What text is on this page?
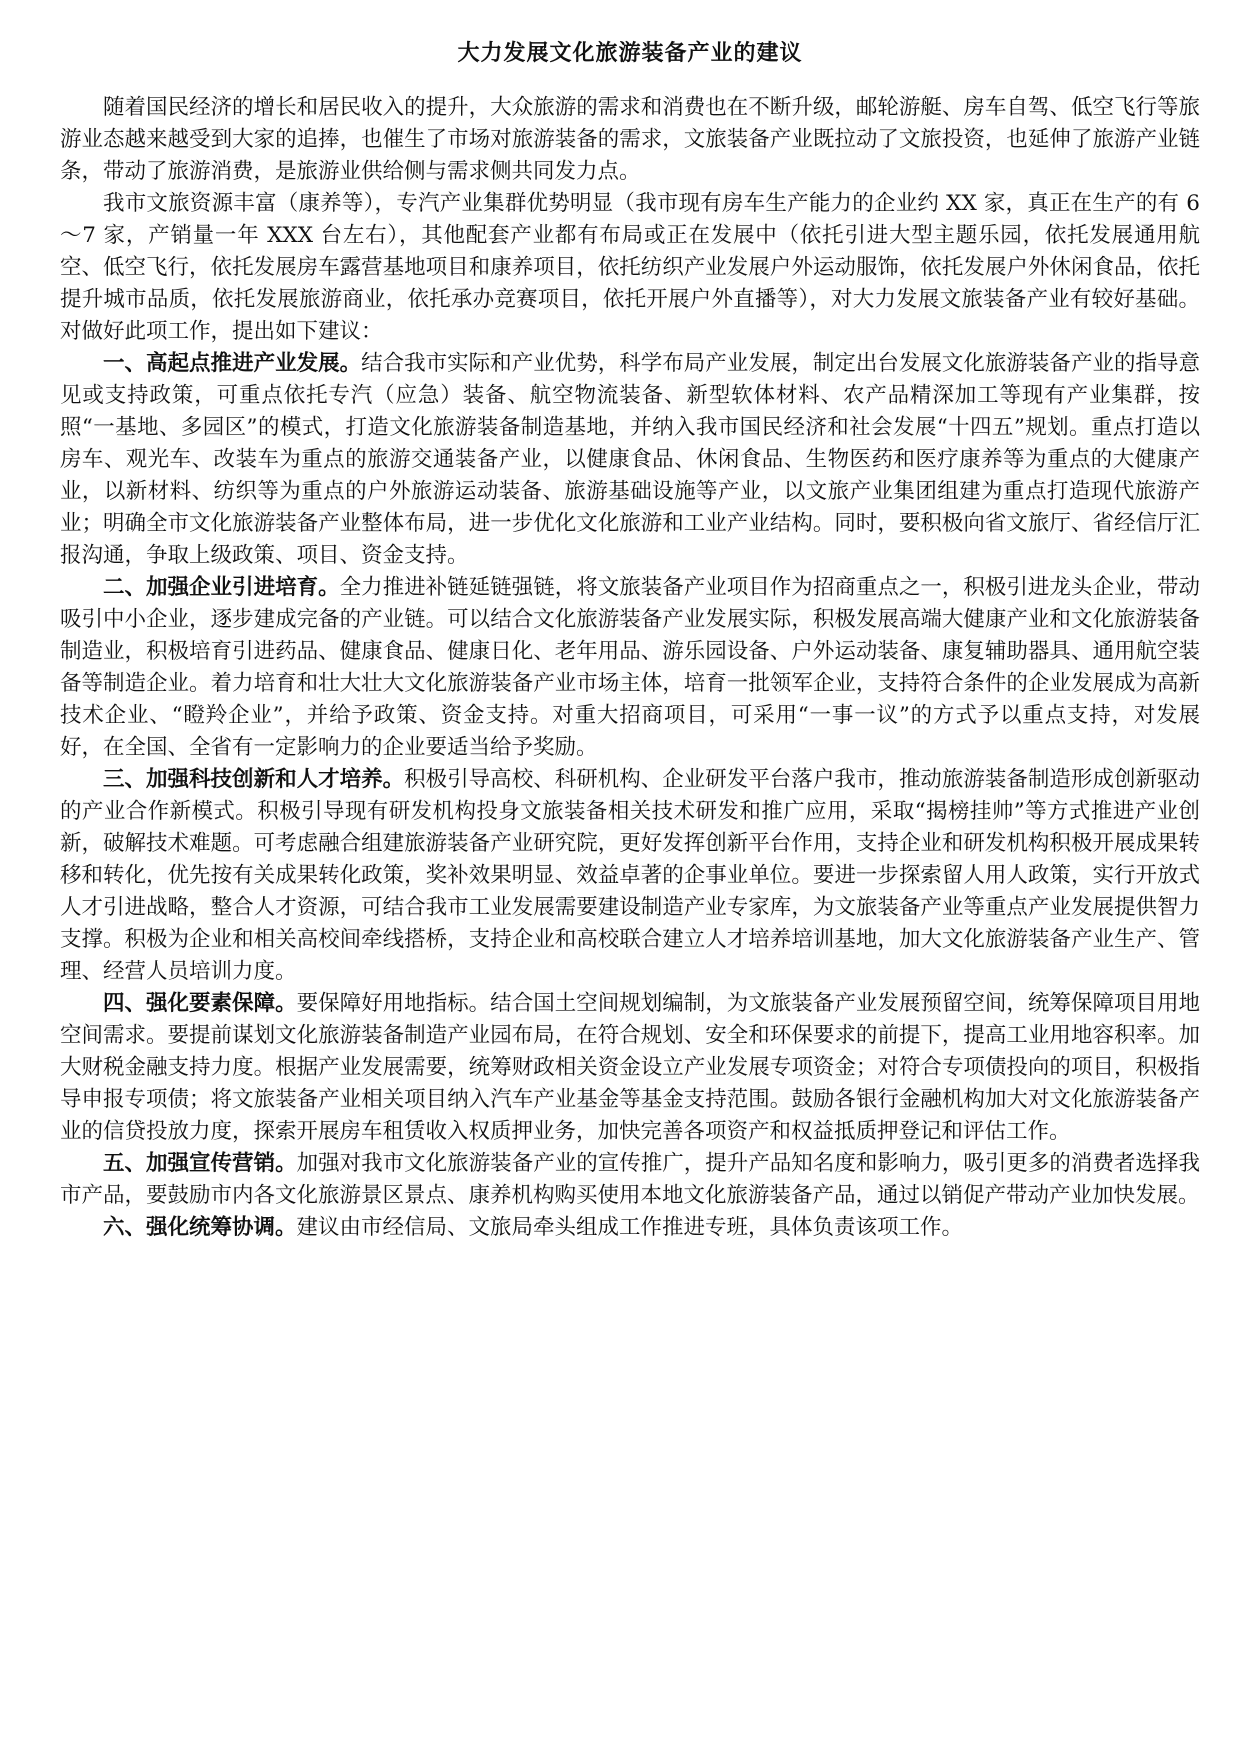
大力发展文化旅游装备产业的建议

随着国民经济的增长和居民收入的提升，大众旅游的需求和消费也在不断升级，邮轮游艇、房车自驾、低空飞行等旅游业态越来越受到大家的追捧，也催生了市场对旅游装备的需求，文旅装备产业既拉动了文旅投资，也延伸了旅游产业链条，带动了旅游消费，是旅游业供给侧与需求侧共同发力点。

我市文旅资源丰富（康养等），专汽产业集群优势明显（我市现有房车生产能力的企业约 XX 家，真正在生产的有 6～7 家，产销量一年 XXX 台左右），其他配套产业都有布局或正在发展中（依托引进大型主题乐园，依托发展通用航空、低空飞行，依托发展房车露营基地项目和康养项目，依托纺织产业发展户外运动服饰，依托发展户外休闲食品，依托提升城市品质，依托发展旅游商业，依托承办竞赛项目，依托开展户外直播等），对大力发展文旅装备产业有较好基础。对做好此项工作，提出如下建议：

一、高起点推进产业发展。结合我市实际和产业优势，科学布局产业发展，制定出台发展文化旅游装备产业的指导意见或支持政策，可重点依托专汽（应急）装备、航空物流装备、新型软体材料、农产品精深加工等现有产业集群，按照“一基地、多园区”的模式，打造文化旅游装备制造基地，并纳入我市国民经济和社会发展“十四五”规划。重点打造以房车、观光车、改装车为重点的旅游交通装备产业，以健康食品、休闲食品、生物医药和医疗康养等为重点的大健康产业，以新材料、纺织等为重点的户外旅游运动装备、旅游基础设施等产业，以文旅产业集团组建为重点打造现代旅游产业；明确全市文化旅游装备产业整体布局，进一步优化文化旅游和工业产业结构。同时，要积极向省文旅厅、省经信厅汇报沟通，争取上级政策、项目、资金支持。

二、加强企业引进培育。全力推进补链延链强链，将文旅装备产业项目作为招商重点之一，积极引进龙头企业，带动吸引中小企业，逐步建成完备的产业链。可以结合文化旅游装备产业发展实际，积极发展高端大健康产业和文化旅游装备制造业，积极培育引进药品、健康食品、健康日化、老年用品、游乐园设备、户外运动装备、康复辅助器具、通用航空装备等制造企业。着力培育和壮大壮大文化旅游装备产业市场主体，培育一批领军企业，支持符合条件的企业发展成为高新技术企业、“瞪羚企业”，并给予政策、资金支持。对重大招商项目，可采用“一事一议”的方式予以重点支持，对发展好，在全国、全省有一定影响力的企业要适当给予奖励。

三、加强科技创新和人才培养。积极引导高校、科研机构、企业研发平台落户我市，推动旅游装备制造形成创新驱动的产业合作新模式。积极引导现有研发机构投身文旅装备相关技术研发和推广应用，采取“揭榜挂帅”等方式推进产业创新，破解技术难题。可考虑融合组建旅游装备产业研究院，更好发挥创新平台作用，支持企业和研发机构积极开展成果转移和转化，优先按有关成果转化政策，奖补效果明显、效益卓著的企事业单位。要进一步探索留人用人政策，实行开放式人才引进战略，整合人才资源，可结合我市工业发展需要建设制造产业专家库，为文旅装备产业等重点产业发展提供智力支撑。积极为企业和相关高校间牵线搭桥，支持企业和高校联合建立人才培养培训基地，加大文化旅游装备产业生产、管理、经营人员培训力度。

四、强化要素保障。要保障好用地指标。结合国土空间规划编制，为文旅装备产业发展预留空间，统筹保障项目用地空间需求。要提前谋划文化旅游装备制造产业园布局，在符合规划、安全和环保要求的前提下，提高工业用地容积率。加大财税金融支持力度。根据产业发展需要，统筹财政相关资金设立产业发展专项资金；对符合专项债投向的项目，积极指导申报专项债；将文旅装备产业相关项目纳入汽车产业基金等基金支持范围。鼓励各银行金融机构加大对文化旅游装备产业的信贷投放力度，探索开展房车租赁收入权质押业务，加快完善各项资产和权益抵质押登记和评估工作。

五、加强宣传营销。加强对我市文化旅游装备产业的宣传推广，提升产品知名度和影响力，吸引更多的消费者选择我市产品，要鼓励市内各文化旅游景区景点、康养机构购买使用本地文化旅游装备产品，通过以销促产带动产业加快发展。

六、强化统筹协调。建议由市经信局、文旅局牵头组成工作推进专班，具体负责该项工作。
